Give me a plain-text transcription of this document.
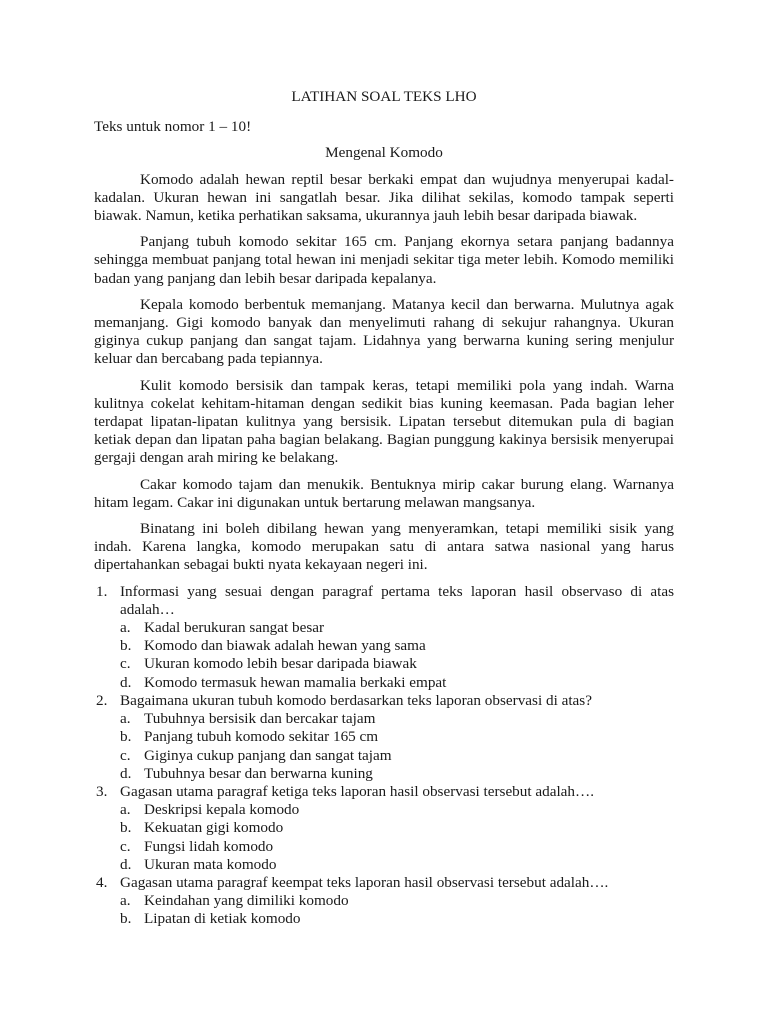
LATIHAN SOAL TEKS LHO

Teks untuk nomor 1 – 10!

Mengenal Komodo

Komodo adalah hewan reptil besar berkaki empat dan wujudnya menyerupai kadal-kadalan. Ukuran hewan ini sangatlah besar. Jika dilihat sekilas, komodo tampak seperti biawak. Namun, ketika perhatikan saksama, ukurannya jauh lebih besar daripada biawak.

Panjang tubuh komodo sekitar 165 cm. Panjang ekornya setara panjang badannya sehingga membuat panjang total hewan ini menjadi sekitar tiga meter lebih. Komodo memiliki badan yang panjang dan lebih besar daripada kepalanya.

Kepala komodo berbentuk memanjang. Matanya kecil dan berwarna. Mulutnya agak memanjang. Gigi komodo banyak dan menyelimuti rahang di sekujur rahangnya. Ukuran giginya cukup panjang dan sangat tajam. Lidahnya yang berwarna kuning sering menjulur keluar dan bercabang pada tepiannya.

Kulit komodo bersisik dan tampak keras, tetapi memiliki pola yang indah. Warna kulitnya cokelat kehitam-hitaman dengan sedikit bias kuning keemasan. Pada bagian leher terdapat lipatan-lipatan kulitnya yang bersisik. Lipatan tersebut ditemukan pula di bagian ketiak depan dan lipatan paha bagian belakang. Bagian punggung kakinya bersisik menyerupai gergaji dengan arah miring ke belakang.

Cakar komodo tajam dan menukik. Bentuknya mirip cakar burung elang. Warnanya hitam legam. Cakar ini digunakan untuk bertarung melawan mangsanya.

Binatang ini boleh dibilang hewan yang menyeramkan, tetapi memiliki sisik yang indah. Karena langka, komodo merupakan satu di antara satwa nasional yang harus dipertahankan sebagai bukti nyata kekayaan negeri ini.

1. Informasi yang sesuai dengan paragraf pertama teks laporan hasil observaso di atas adalah…
a. Kadal berukuran sangat besar
b. Komodo dan biawak adalah hewan yang sama
c. Ukuran komodo lebih besar daripada biawak
d. Komodo termasuk hewan mamalia berkaki empat
2. Bagaimana ukuran tubuh komodo berdasarkan teks laporan observasi di atas?
a. Tubuhnya bersisik dan bercakar tajam
b. Panjang tubuh komodo sekitar 165 cm
c. Giginya cukup panjang dan sangat tajam
d. Tubuhnya besar dan berwarna kuning
3. Gagasan utama paragraf ketiga teks laporan hasil observasi tersebut adalah….
a. Deskripsi kepala komodo
b. Kekuatan gigi komodo
c. Fungsi lidah komodo
d. Ukuran mata komodo
4. Gagasan utama paragraf keempat teks laporan hasil observasi tersebut adalah….
a. Keindahan yang dimiliki komodo
b. Lipatan di ketiak komodo
